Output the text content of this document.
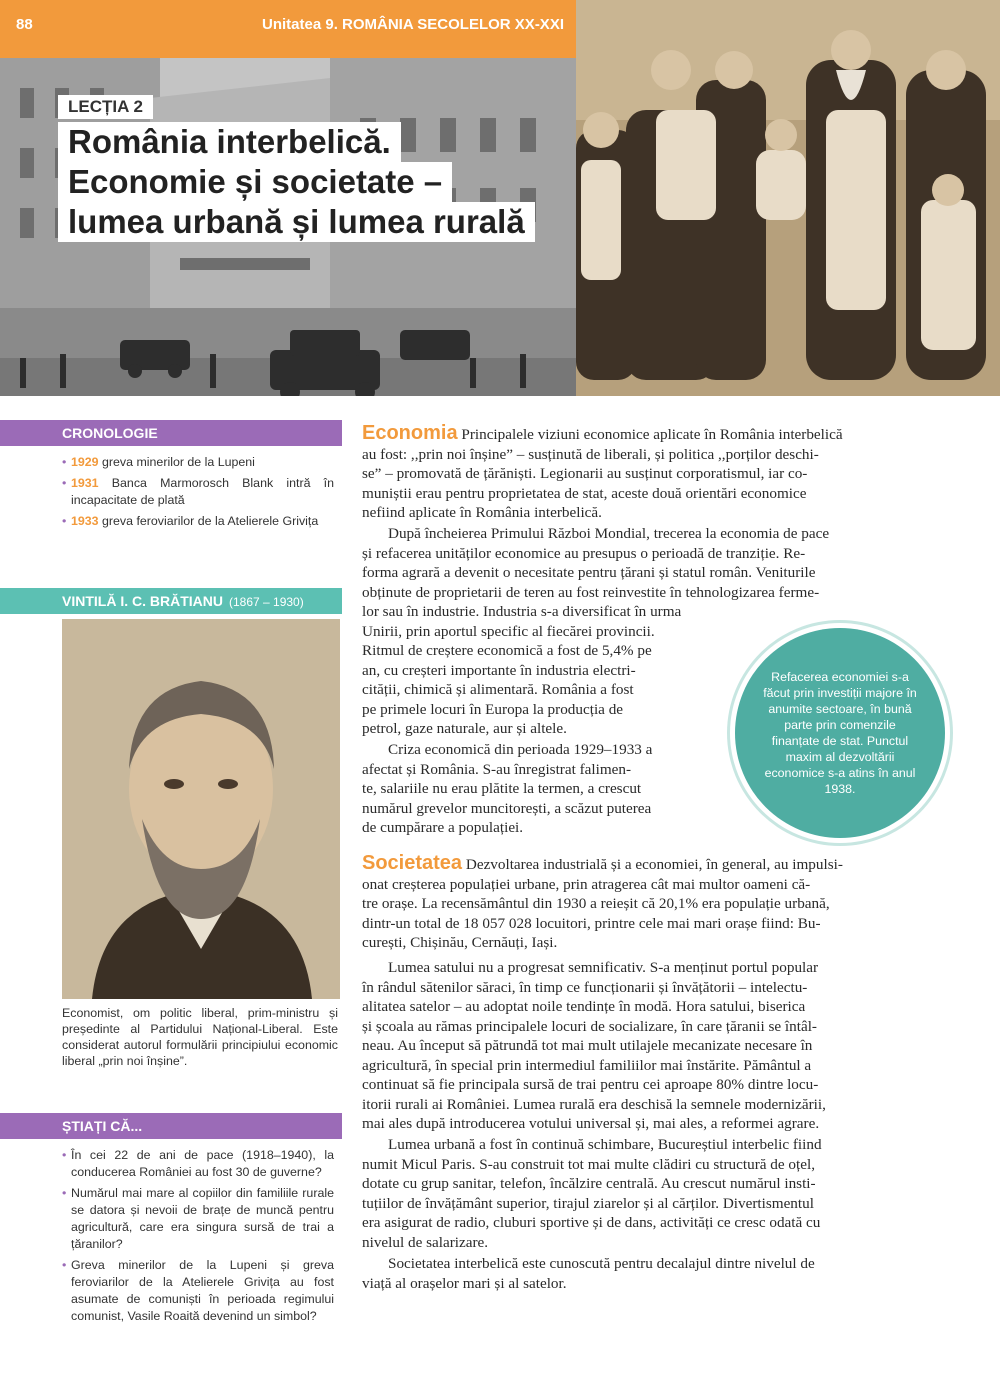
88	Unitatea 9. ROMÂNIA SECOLELOR XX-XXI
LECȚIA 2
România interbelică.
Economie și societate –
lumea urbană și lumea rurală
CRONOLOGIE
• 1929 greva minerilor de la Lupeni
• 1931 Banca Marmorosch Blank intră în incapacitate de plată
• 1933 greva feroviarilor de la Atelierele Grivița
VINTILĂ I. C. BRĂTIANU (1867 – 1930)
Economist, om politic liberal, prim-ministru și președinte al Partidului Național-Liberal. Este considerat autorul formulării principiului economic liberal „prin noi înșine”.
ȘTIAȚI CĂ...
• În cei 22 de ani de pace (1918–1940), la conducerea României au fost 30 de guverne?
• Numărul mai mare al copiilor din familiile rurale se datora și nevoii de brațe de muncă pentru agricultură, care era singura sursă de trai a țăranilor?
• Greva minerilor de la Lupeni și greva feroviarilor de la Atelierele Grivița au fost asumate de comuniști în perioada regimului comunist, Vasile Roaită devenind un simbol?
Economia Principalele viziuni economice aplicate în România interbelică
au fost: ,,prin noi înșine” – susținută de liberali, și politica ,,porților deschi-
se” – promovată de țărăniști. Legionarii au susținut corporatismul, iar co-
muniștii erau pentru proprietatea de stat, aceste două orientări economice
nefiind aplicate în România interbelică.
După încheierea Primului Război Mondial, trecerea la economia de pace
și refacerea unităților economice au presupus o perioadă de tranziție. Re-
forma agrară a devenit o necesitate pentru țărani și statul român. Veniturile
obținute de proprietarii de teren au fost reinvestite în tehnologizarea ferme-
lor sau în industrie. Industria s-a diversificat în urma
Unirii, prin aportul specific al fiecărei provincii.
Ritmul de creștere economică a fost de 5,4% pe
an, cu creșteri importante în industria electri-
cității, chimică și alimentară. România a fost
pe primele locuri în Europa la producția de
petrol, gaze naturale, aur și altele.
Criza economică din perioada 1929–1933 a
afectat și România. S-au înregistrat falimen-
te, salariile nu erau plătite la termen, a crescut
numărul grevelor muncitorești, a scăzut puterea
de cumpărare a populației.
Refacerea economiei s-a făcut prin investiții majore în anumite sectoare, în bună parte prin comenzile finanțate de stat. Punctul maxim al dezvoltării economice s-a atins în anul 1938.
Societatea Dezvoltarea industrială și a economiei, în general, au impulsi-
onat creșterea populației urbane, prin atragerea cât mai multor oameni că-
tre orașe. La recensământul din 1930 a reieșit că 20,1% era populație urbană,
dintr-un total de 18 057 028 locuitori, printre cele mai mari orașe fiind: Bu-
curești, Chișinău, Cernăuți, Iași.
Lumea satului nu a progresat semnificativ. S-a menținut portul popular
în rândul sătenilor săraci, în timp ce funcționarii și învățătorii – intelectu-
alitatea satelor – au adoptat noile tendințe în modă. Hora satului, biserica
și școala au rămas principalele locuri de socializare, în care țăranii se întâl-
neau. Au început să pătrundă tot mai mult utilajele mecanizate necesare în
agricultură, în special prin intermediul familiilor mai înstărite. Pământul a
continuat să fie principala sursă de trai pentru cei aproape 80% dintre locu-
itorii rurali ai României. Lumea rurală era deschisă la semnele modernizării,
mai ales după introducerea votului universal și, mai ales, a reformei agrare.
Lumea urbană a fost în continuă schimbare, Bucureștiul interbelic fiind
numit Micul Paris. S-au construit tot mai multe clădiri cu structură de oțel,
dotate cu grup sanitar, telefon, încălzire centrală. Au crescut numărul insti-
tuțiilor de învățământ superior, tirajul ziarelor și al cărților. Divertismentul
era asigurat de radio, cluburi sportive și de dans, activități ce cresc odată cu
nivelul de salarizare.
Societatea interbelică este cunoscută pentru decalajul dintre nivelul de
viață al orașelor mari și al satelor.
